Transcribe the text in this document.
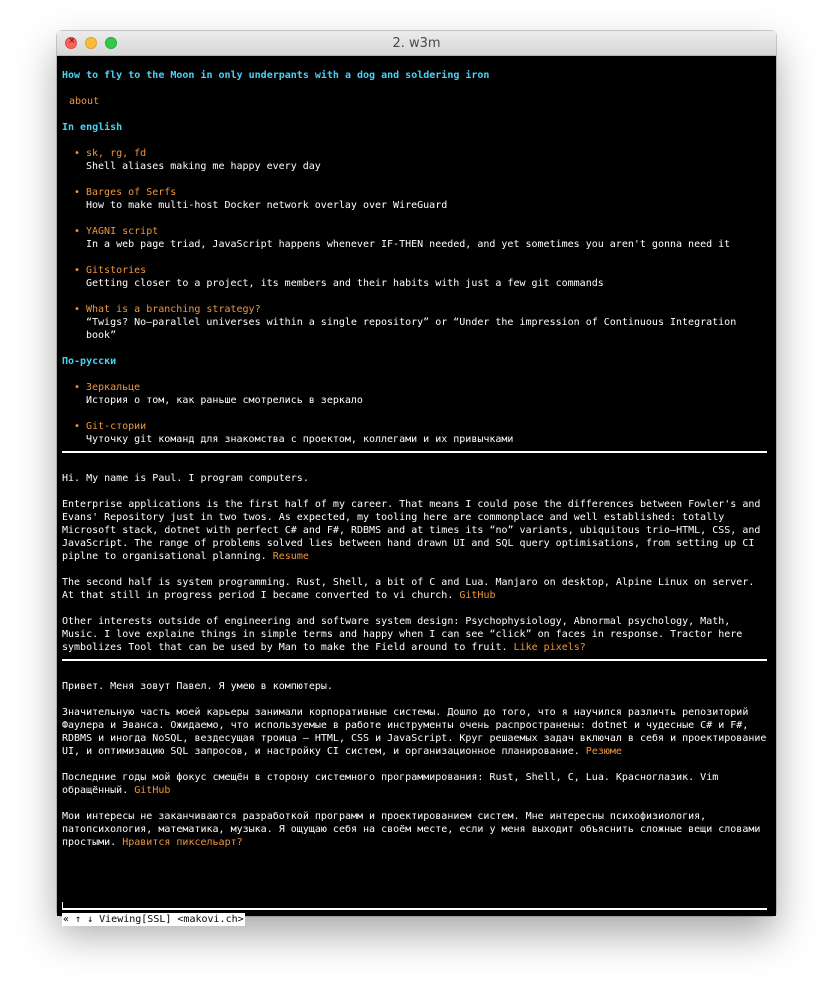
×	2. w3m
How to fly to the Moon in only underpants with a dog and soldering iron
about
In english
• sk, rg, fd
Shell aliases making me happy every day
• Barges of Serfs
How to make multi-host Docker network overlay over WireGuard
• YAGNI script
In a web page triad, JavaScript happens whenever IF-THEN needed, and yet sometimes you aren't gonna need it
• Gitstories
Getting closer to a project, its members and their habits with just a few git commands
• What is a branching strategy?
“Twigs? No—parallel universes within a single repository” or “Under the impression of Continuous Integration book”
По-русски
• Зеркальце
История о том, как раньше смотрелись в зеркало
• Git-стории
Чуточку git команд для знакомства с проектом, коллегами и их привычками

Hi. My name is Paul. I program computers.

Enterprise applications is the first half of my career. That means I could pose the differences between Fowler's and Evans' Repository just in two twos. As expected, my tooling here are commonplace and well established: totally Microsoft stack, dotnet with perfect C# and F#, RDBMS and at times its “no” variants, ubiquitous trio—HTML, CSS, and JavaScript. The range of problems solved lies between hand drawn UI and SQL query optimisations, from setting up CI piplne to organisational planning. Resume

The second half is system programming. Rust, Shell, a bit of C and Lua. Manjaro on desktop, Alpine Linux on server. At that still in progress period I became converted to vi church. GitHub

Other interests outside of engineering and software system design: Psychophysiology, Abnormal psychology, Math, Music. I love explaine things in simple terms and happy when I can see “click” on faces in response. Tractor here symbolizes Tool that can be used by Man to make the Field around to fruit. Like pixels?

Привет. Меня зовут Павел. Я умею в компютеры.

Значительную часть моей карьеры занимали корпоративные системы. Дошло до того, что я научился различть репозиторий Фаулера и Эванса. Ожидаемо, что используемые в работе инструменты очень распространены: dotnet и чудесные C# и F#, RDBMS и иногда NoSQL, вездесущая троица — HTML, CSS и JavaScript. Круг решаемых задач включал в себя и проектирование UI, и оптимизацию SQL запросов, и настройку CI систем, и организационное планирование. Резюме

Последние годы мой фокус смещён в сторону системного программирования: Rust, Shell, C, Lua. Красноглазик. Vim обращённый. GitHub

Мои интересы не заканчиваются разработкой программ и проектированием систем. Мне интересны психофизиология, патопсихология, математика, музыка. Я ощущаю себя на своём месте, если у меня выходит объяснить сложные вещи словами простыми. Нравится пиксельарт?

« ↑ ↓ Viewing[SSL] <makovi.ch>
